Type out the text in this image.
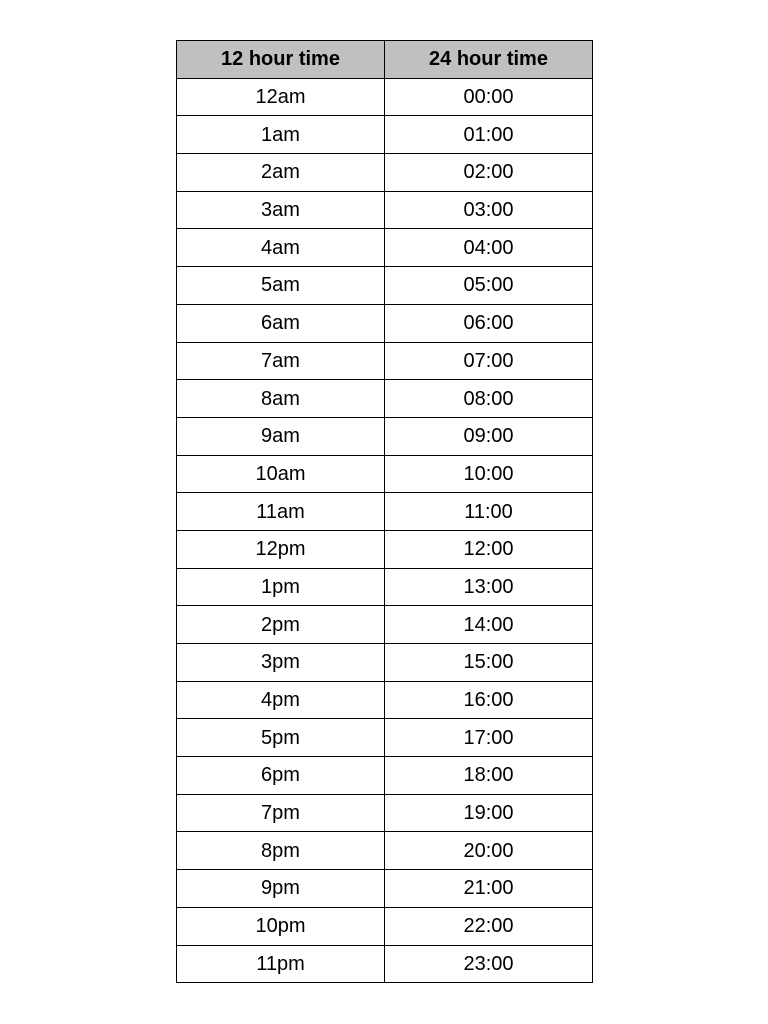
12 hour time	24 hour time
12am	00:00
1am	01:00
2am	02:00
3am	03:00
4am	04:00
5am	05:00
6am	06:00
7am	07:00
8am	08:00
9am	09:00
10am	10:00
11am	11:00
12pm	12:00
1pm	13:00
2pm	14:00
3pm	15:00
4pm	16:00
5pm	17:00
6pm	18:00
7pm	19:00
8pm	20:00
9pm	21:00
10pm	22:00
11pm	23:00
